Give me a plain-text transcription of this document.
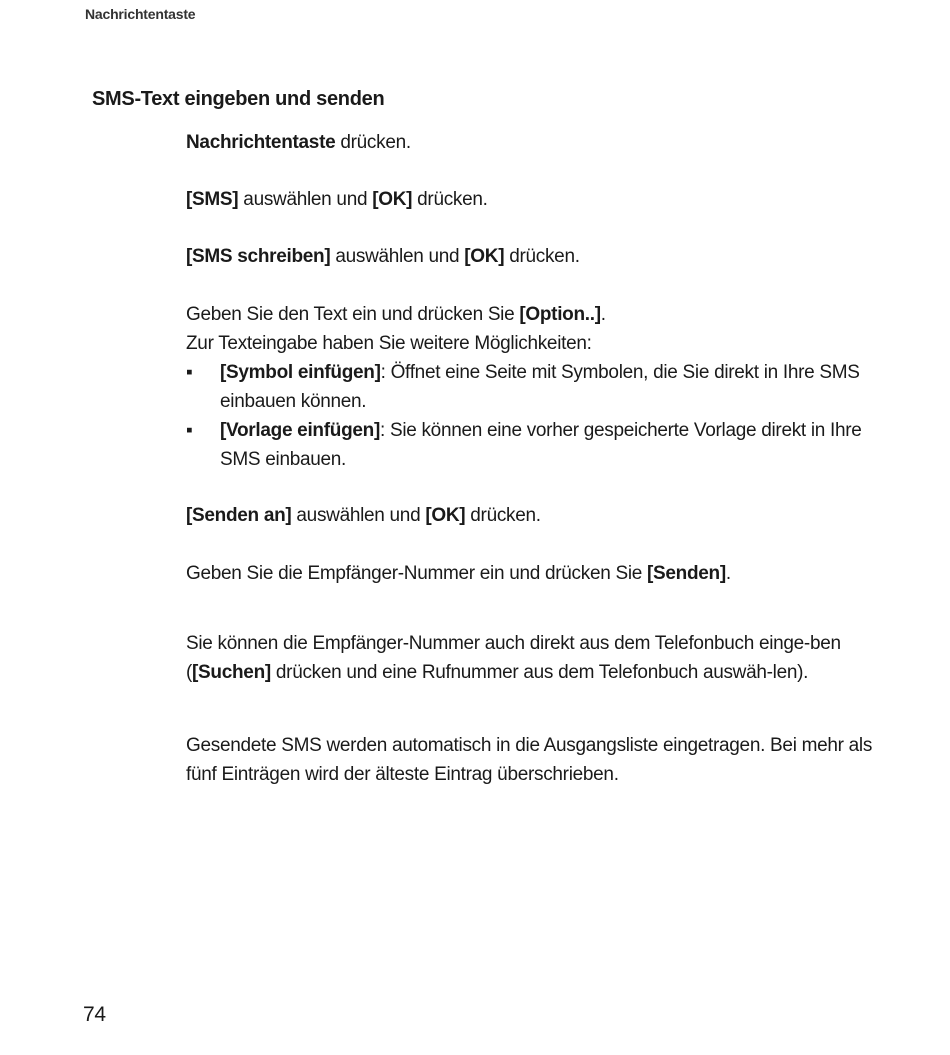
Nachrichtentaste
SMS-Text eingeben und senden
Nachrichtentaste drücken.
[SMS] auswählen und [OK] drücken.
[SMS schreiben] auswählen und [OK] drücken.
Geben Sie den Text ein und drücken Sie [Option..].
Zur Texteingabe haben Sie weitere Möglichkeiten:
▪ [Symbol einfügen]: Öffnet eine Seite mit Symbolen, die Sie direkt in Ihre SMS einbauen können.
▪ [Vorlage einfügen]: Sie können eine vorher gespeicherte Vorlage direkt in Ihre SMS einbauen.
[Senden an] auswählen und [OK] drücken.
Geben Sie die Empfänger-Nummer ein und drücken Sie [Senden].
Sie können die Empfänger-Nummer auch direkt aus dem Telefonbuch einge-ben ([Suchen] drücken und eine Rufnummer aus dem Telefonbuch auswäh-len).
Gesendete SMS werden automatisch in die Ausgangsliste eingetragen. Bei mehr als fünf Einträgen wird der älteste Eintrag überschrieben.
74
